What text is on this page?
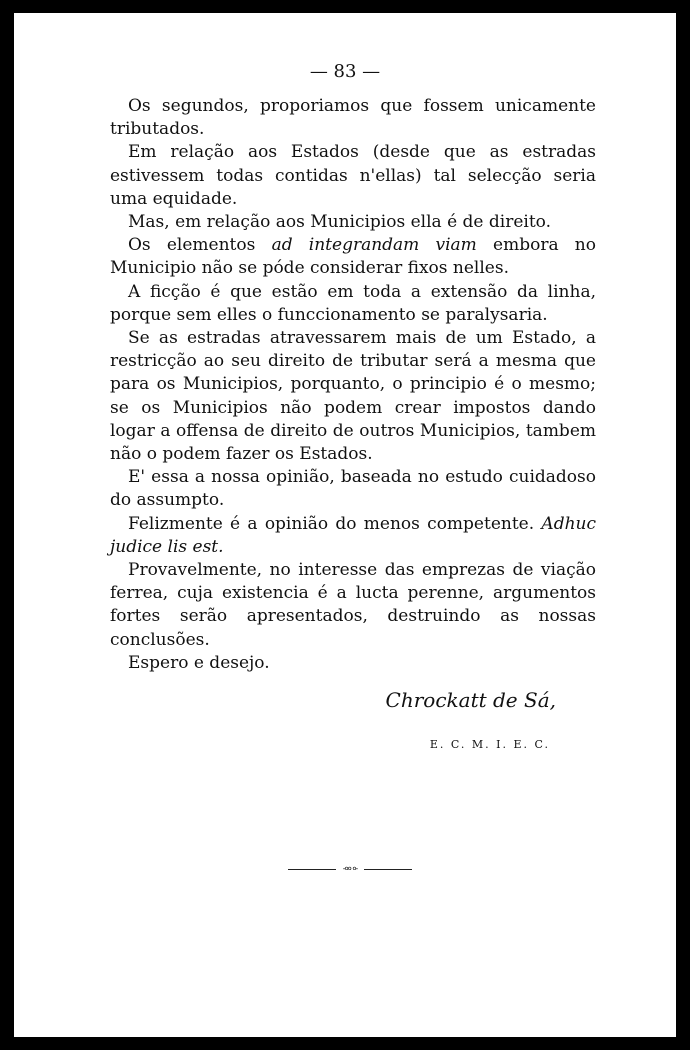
— 83 —

Os segundos, proporiamos que fossem unicamente tributados.

Em relação aos Estados (desde que as estradas estivessem todas contidas n'ellas) tal selecção seria uma equidade.

Mas, em relação aos Municipios ella é de direito.

Os elementos ad integrandam viam embora no Municipio não se póde considerar fixos nelles.

A ficção é que estão em toda a extensão da linha, porque sem elles o funccionamento se paralysaria.

Se as estradas atravessarem mais de um Estado, a restricção ao seu direito de tributar será a mesma que para os Municipios, porquanto, o principio é o mesmo; se os Municipios não podem crear impostos dando logar a offensa de direito de outros Municipios, tambem não o podem fazer os Estados.

E' essa a nossa opinião, baseada no estudo cuidadoso do assumpto.

Felizmente é a opinião do menos competente. Adhuc judice lis est.

Provavelmente, no interesse das emprezas de viação ferrea, cuja existencia é a lucta perenne, argumentos fortes serão apresentados, destruindo as nossas conclusões.

Espero e desejo.

Chrockatt de Sá,
E. C. M. I. E. C.
-०० ०-
